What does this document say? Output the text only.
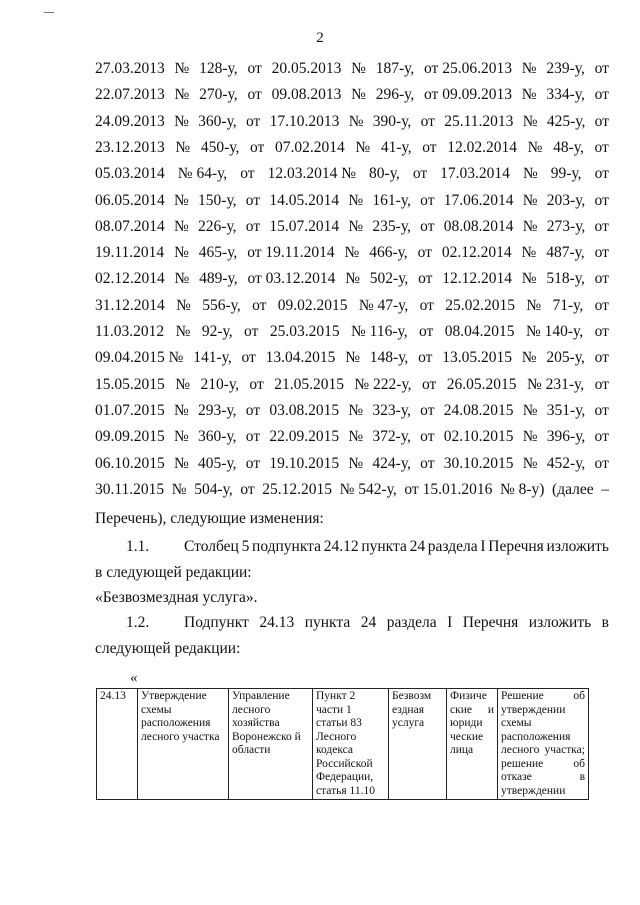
2
27.03.2013 № 128-у, от 20.05.2013 № 187-у, от 25.06.2013 № 239-у, от
22.07.2013 № 270-у, от 09.08.2013 № 296-у, от 09.09.2013 № 334-у, от
24.09.2013 № 360-у, от 17.10.2013 № 390-у, от 25.11.2013 № 425-у, от
23.12.2013 № 450-у, от 07.02.2014 № 41-у, от 12.02.2014 № 48-у, от
05.03.2014 № 64-у, от 12.03.2014 № 80-у, от 17.03.2014 № 99-у, от
06.05.2014 № 150-у, от 14.05.2014 № 161-у, от 17.06.2014 № 203-у, от
08.07.2014 № 226-у, от 15.07.2014 № 235-у, от 08.08.2014 № 273-у, от
19.11.2014 № 465-у, от 19.11.2014 № 466-у, от 02.12.2014 № 487-у, от
02.12.2014 № 489-у, от 03.12.2014 № 502-у, от 12.12.2014 № 518-у, от
31.12.2014 № 556-у, от 09.02.2015 № 47-у, от 25.02.2015 № 71-у, от
11.03.2012 № 92-у, от 25.03.2015 № 116-у, от 08.04.2015 № 140-у, от
09.04.2015 № 141-у, от 13.04.2015 № 148-у, от 13.05.2015 № 205-у, от
15.05.2015 № 210-у, от 21.05.2015 № 222-у, от 26.05.2015 № 231-у, от
01.07.2015 № 293-у, от 03.08.2015 № 323-у, от 24.08.2015 № 351-у, от
09.09.2015 № 360-у, от 22.09.2015 № 372-у, от 02.10.2015 № 396-у, от
06.10.2015 № 405-у, от 19.10.2015 № 424-у, от 30.10.2015 № 452-у, от
30.11.2015 № 504-у, от 25.12.2015 № 542-у, от 15.01.2016 № 8-у) (далее –
Перечень), следующие изменения:
1.1. Столбец 5 подпункта 24.12 пункта 24 раздела I Перечня изложить
в следующей редакции:
«Безвозмездная услуга».
1.2. Подпункт 24.13 пункта 24 раздела I Перечня изложить в
следующей редакции:
«
24.13	Утверждение схемы расположения лесного участка	Управление лесного хозяйства Воронежско й области	Пункт 2 части 1 статьи 83 Лесного кодекса Российской Федерации, статья 11.10	Безвозм ездная услуга	Физиче ские и юриди ческие лица	Решение об утверждении схемы расположения лесного участка; решение об отказе в утверждении
